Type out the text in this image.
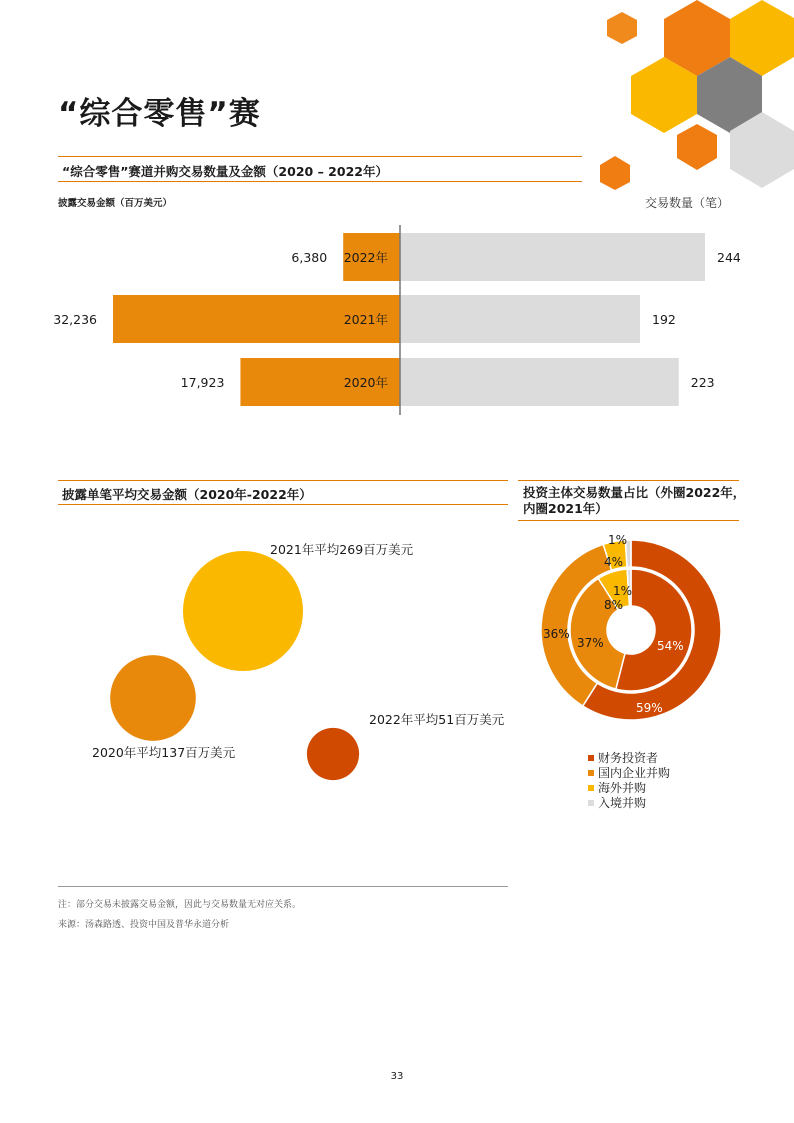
“综合零售”赛
“综合零售”赛道并购交易数量及金额（2020 – 2022年）
披露交易金额（百万美元）	交易数量（笔）
2022年
6,380	244
2021年
32,236	192
2020年
17,923	223
披露单笔平均交易金额（2020年-2022年）
2021年平均269百万美元
2020年平均137百万美元
2022年平均51百万美元
投资主体交易数量占比（外圈2022年，
内圈2021年）
59%
36%
4%
1%
54%
37%
8%
1%
财务投资者
国内企业并购
海外并购
入境并购
注：部分交易未披露交易金额，因此与交易数量无对应关系。
来源：汤森路透、投资中国及普华永道分析
33
